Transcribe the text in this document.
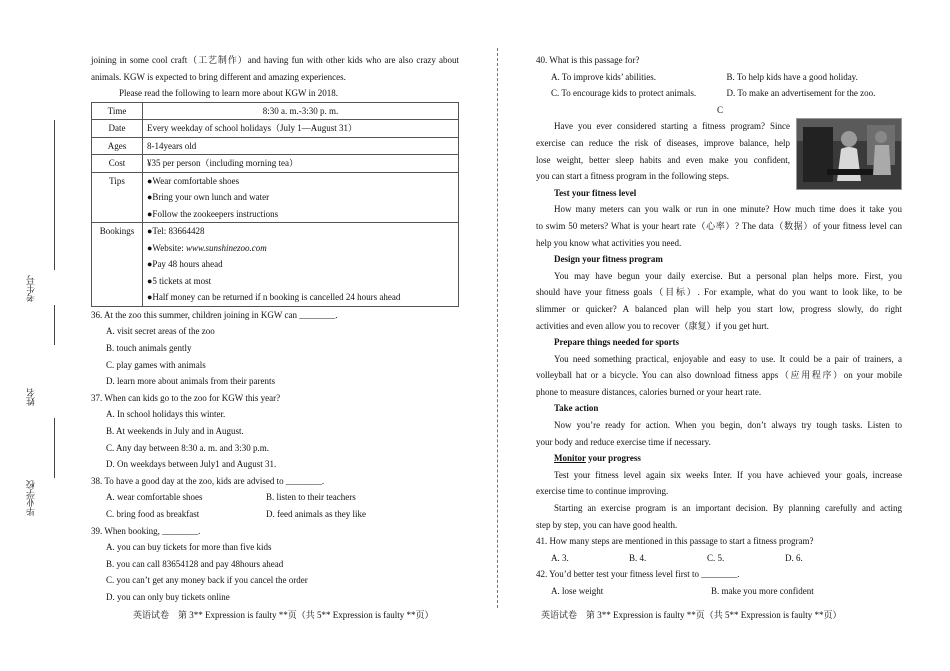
考生号
姓名
毕业学校
joining in some cool craft（工艺制作）and having fun with other kids who are also crazy about
animals. KGW is expected to bring different and amazing experiences.
Please read the following to learn more about KGW in 2018.
Time	8:30 a. m.-3:30 p. m.
Date	Every weekday of school holidays（July 1—August 31）
Ages	8-14years old
Cost	¥35 per person（including morning tea）
Tips	●Wear comfortable shoes
●Bring your own lunch and water
●Follow the zookeepers instructions

Bookings	●Tel: 83664428
●Website: www.sunshinezoo.com
●Pay 48 hours ahead
●5 tickets at most
●Half money can be returned if n booking is cancelled 24 hours ahead
36. At the zoo this summer, children joining in KGW can ________.
A. visit secret areas of the zoo
B. touch animals gently
C. play games with animals
D. learn more about animals from their parents
37. When can kids go to the zoo for KGW this year?
A. In school holidays this winter.
B. At weekends in July and in August.
C. Any day between 8:30 a. m. and 3:30 p.m.
D. On weekdays between July1 and August 31.
38. To have a good day at the zoo, kids are advised to ________.
A. wear comfortable shoes	B. listen to their teachers
C. bring food as breakfast	D. feed animals as they like
39. When booking, ________.
A. you can buy tickets for more than five kids
B. you can call 83654128 and pay 48hours ahead
C. you can’t get any money back if you cancel the order
D. you can only buy tickets online
英语试卷　第 3** Expression is faulty **页（共 5** Expression is faulty **页）
40. What is this passage for?
A. To improve kids’ abilities.	B. To help kids have a good holiday.
C. To encourage kids to protect animals.	D. To make an advertisement for the zoo.
C
Have you ever considered starting a fitness program? Since
exercise can reduce the risk of diseases, improve balance, help
lose weight, better sleep habits and even make you confident,
you can start a fitness program in the following steps.
Test your fitness level
How many meters can you walk or run in one minute? How much time does it take you
to swim 50 meters? What is your heart rate（心率）? The data（数据）of your fitness level can
help you know what activities you need.
Design your fitness program
You may have begun your daily exercise. But a personal plan helps more. First, you
should have your fitness goals（目标）. For example, what do you want to look like, to be
slimmer or quicker? A balanced plan will help you start low, progress slowly, do right
activities and even allow you to recover（康复）if you get hurt.
Prepare things needed for sports
You need something practical, enjoyable and easy to use. It could be a pair of trainers, a
volleyball hat or a bicycle. You can also download fitness apps（应用程序）on your mobile
phone to measure distances, calories burned or your heart rate.
Take action
Now you’re ready for action. When you begin, don’t always try tough tasks. Listen to
your body and reduce exercise time if necessary.
Monitor your progress
Test your fitness level again six weeks Inter. If you have achieved your goals, increase
exercise time to continue improving.
Starting an exercise program is an important decision. By planning carefully and acting
step by step, you can have good health.
41. How many steps are mentioned in this passage to start a fitness program?
A. 3.	B. 4.	C. 5.	D. 6.
42. You’d better test your fitness level first to ________.
A. lose weight	B. make you more confident
英语试卷　第 3** Expression is faulty **页（共 5** Expression is faulty **页）
